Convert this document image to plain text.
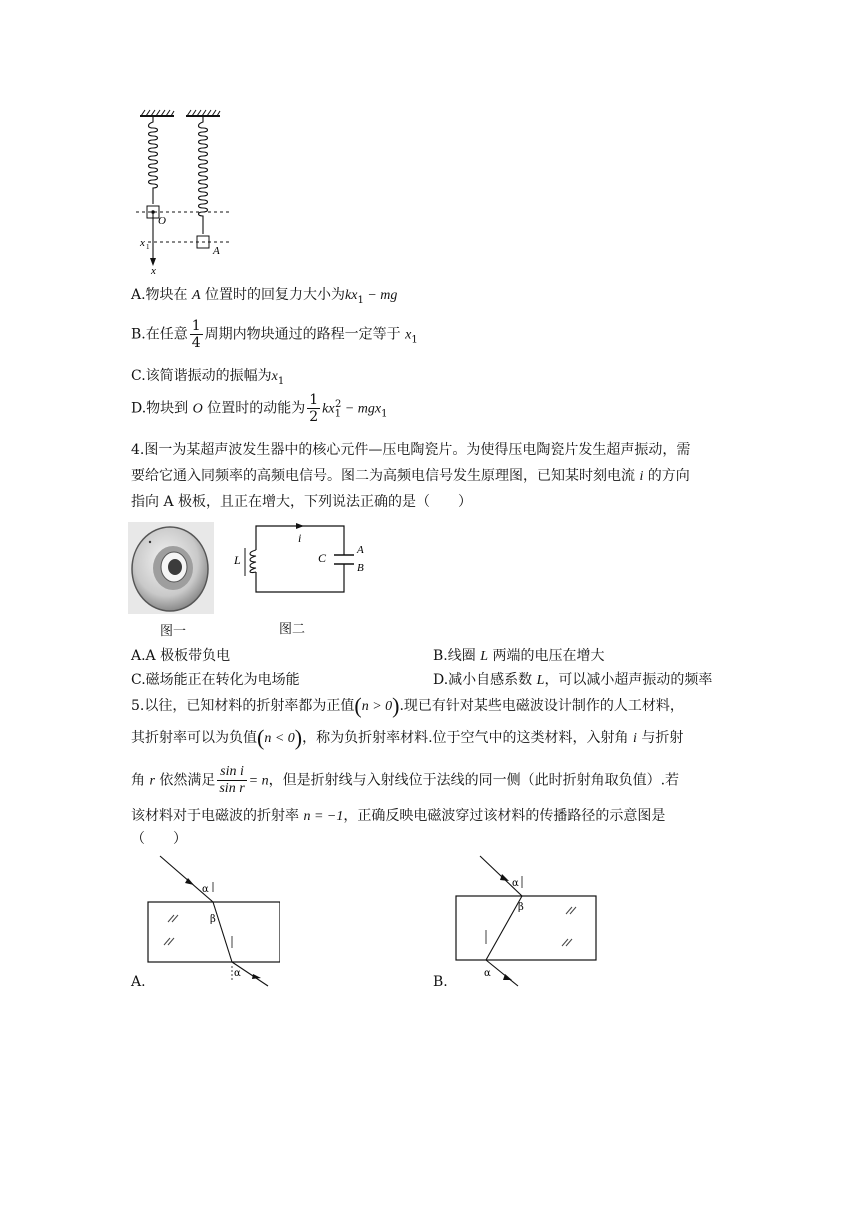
O
A
x 1
x
A.物块在 A 位置时的回复力大小为$kx_1$ − mg
B.在任意 $\frac{1}{4}$ 周期内物块通过的路程一定等于 $x_1$
C.该简谐振动的振幅为$x_1$
D.物块到 O 位置时的动能为 $\frac{1}{2} kx_1^2 - mgx_1$
4.图一为某超声波发生器中的核心元件—压电陶瓷片。为使得压电陶瓷片发生超声振动，需
要给它通入同频率的高频电信号。图二为高频电信号发生原理图，已知某时刻电流 i 的方向
指向 A 极板，且正在增大，下列说法正确的是（　　）
图一
i
L	C
A
B
图二
A.A 极板带负电	B.线圈 L 两端的电压在增大
C.磁场能正在转化为电场能	D.减小自感系数 L，可以减小超声振动的频率
5.以往，已知材料的折射率都为正值(n > 0).现已有针对某些电磁波设计制作的人工材料，
其折射率可以为负值(n < 0)，称为负折射率材料.位于空气中的这类材料，入射角 i 与折射
角 r 依然满足 $\frac{\text{sin i}}{\text{sin r}} = n$，但是折射线与入射线位于法线的同一侧（此时折射角取负值）.若
该材料对于电磁波的折射率 n = −1，正确反映电磁波穿过该材料的传播路径的示意图是
（　　）
α
β
α
A.
α
β
α
B.
